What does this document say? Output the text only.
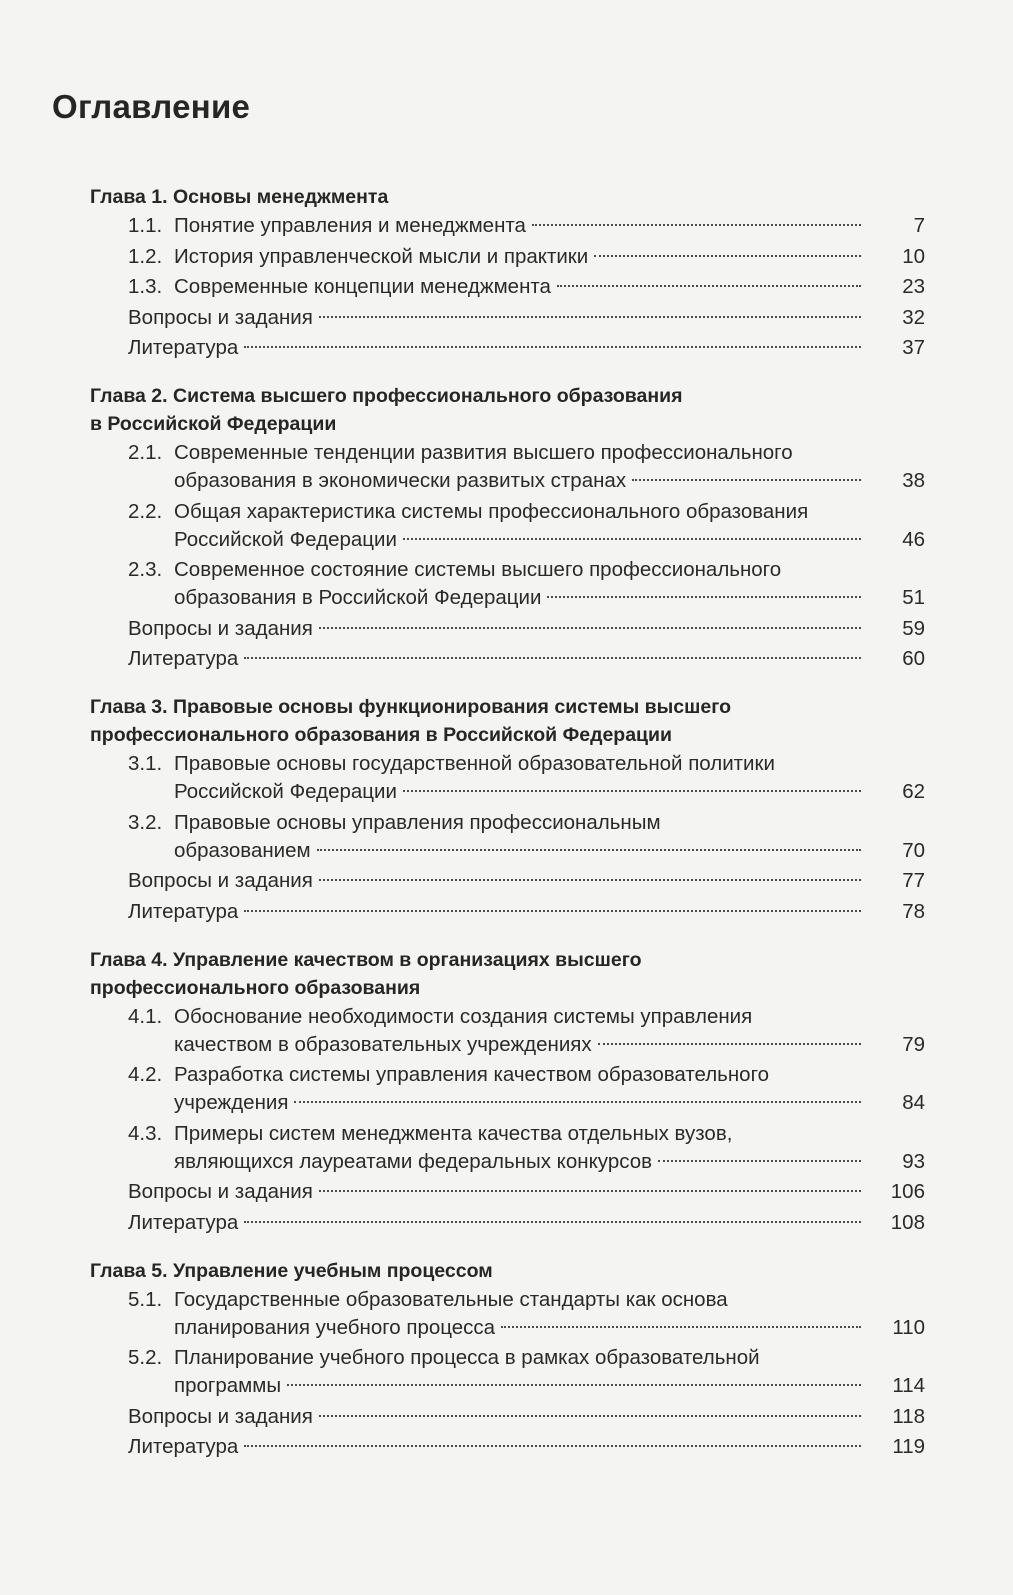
Оглавление
Глава 1. Основы менеджмента
1.1. Понятие управления и менеджмента	7
1.2. История управленческой мысли и практики	10
1.3. Современные концепции менеджмента	23
Вопросы и задания	32
Литература	37
Глава 2. Система высшего профессионального образования
в Российской Федерации
2.1. Современные тенденции развития высшего профессионального
образования в экономически развитых странах	38
2.2. Общая характеристика системы профессионального образования
Российской Федерации	46
2.3. Современное состояние системы высшего профессионального
образования в Российской Федерации	51
Вопросы и задания	59
Литература	60
Глава 3. Правовые основы функционирования системы высшего
профессионального образования в Российской Федерации
3.1. Правовые основы государственной образовательной политики
Российской Федерации	62
3.2. Правовые основы управления профессиональным
образованием	70
Вопросы и задания	77
Литература	78
Глава 4. Управление качеством в организациях высшего
профессионального образования
4.1. Обоснование необходимости создания системы управления
качеством в образовательных учреждениях	79
4.2. Разработка системы управления качеством образовательного
учреждения	84
4.3. Примеры систем менеджмента качества отдельных вузов,
являющихся лауреатами федеральных конкурсов	93
Вопросы и задания	106
Литература	108
Глава 5. Управление учебным процессом
5.1. Государственные образовательные стандарты как основа
планирования учебного процесса	110
5.2. Планирование учебного процесса в рамках образовательной
программы	114
Вопросы и задания	118
Литература	119
